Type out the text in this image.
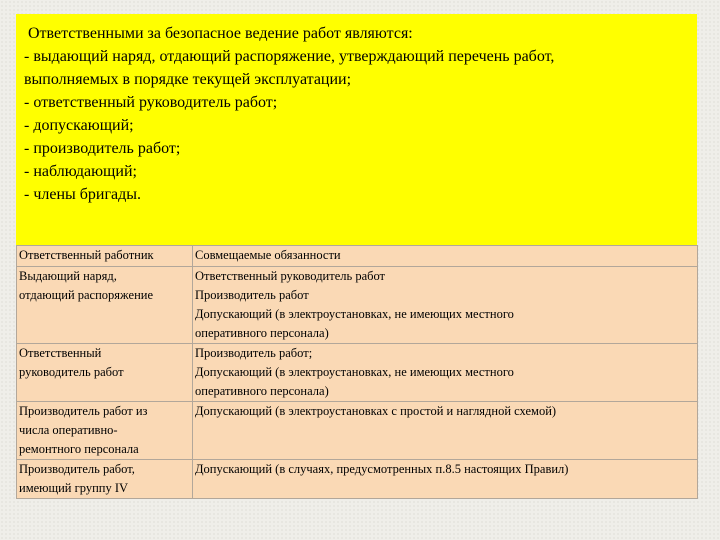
Ответственными за безопасное ведение работ являются:

- выдающий наряд, отдающий распоряжение, утверждающий перечень работ,

выполняемых в порядке текущей эксплуатации;

- ответственный руководитель работ;

- допускающий;

- производитель работ;

- наблюдающий;

- члены бригады.

Ответственный работник	Совмещаемые обязанности

Выдающий наряд,
отдающий распоряжение	Ответственный руководитель работ
Производитель работ
Допускающий (в электроустановках, не имеющих местного
оперативного персонала)

Ответственный
руководитель работ	Производитель работ;
Допускающий (в электроустановках, не имеющих местного
оперативного персонала)

Производитель работ из
числа оперативно-
ремонтного персонала	Допускающий (в электроустановках с простой и наглядной схемой)

Производитель работ,
имеющий группу IV	Допускающий (в случаях, предусмотренных п.8.5 настоящих Правил)
